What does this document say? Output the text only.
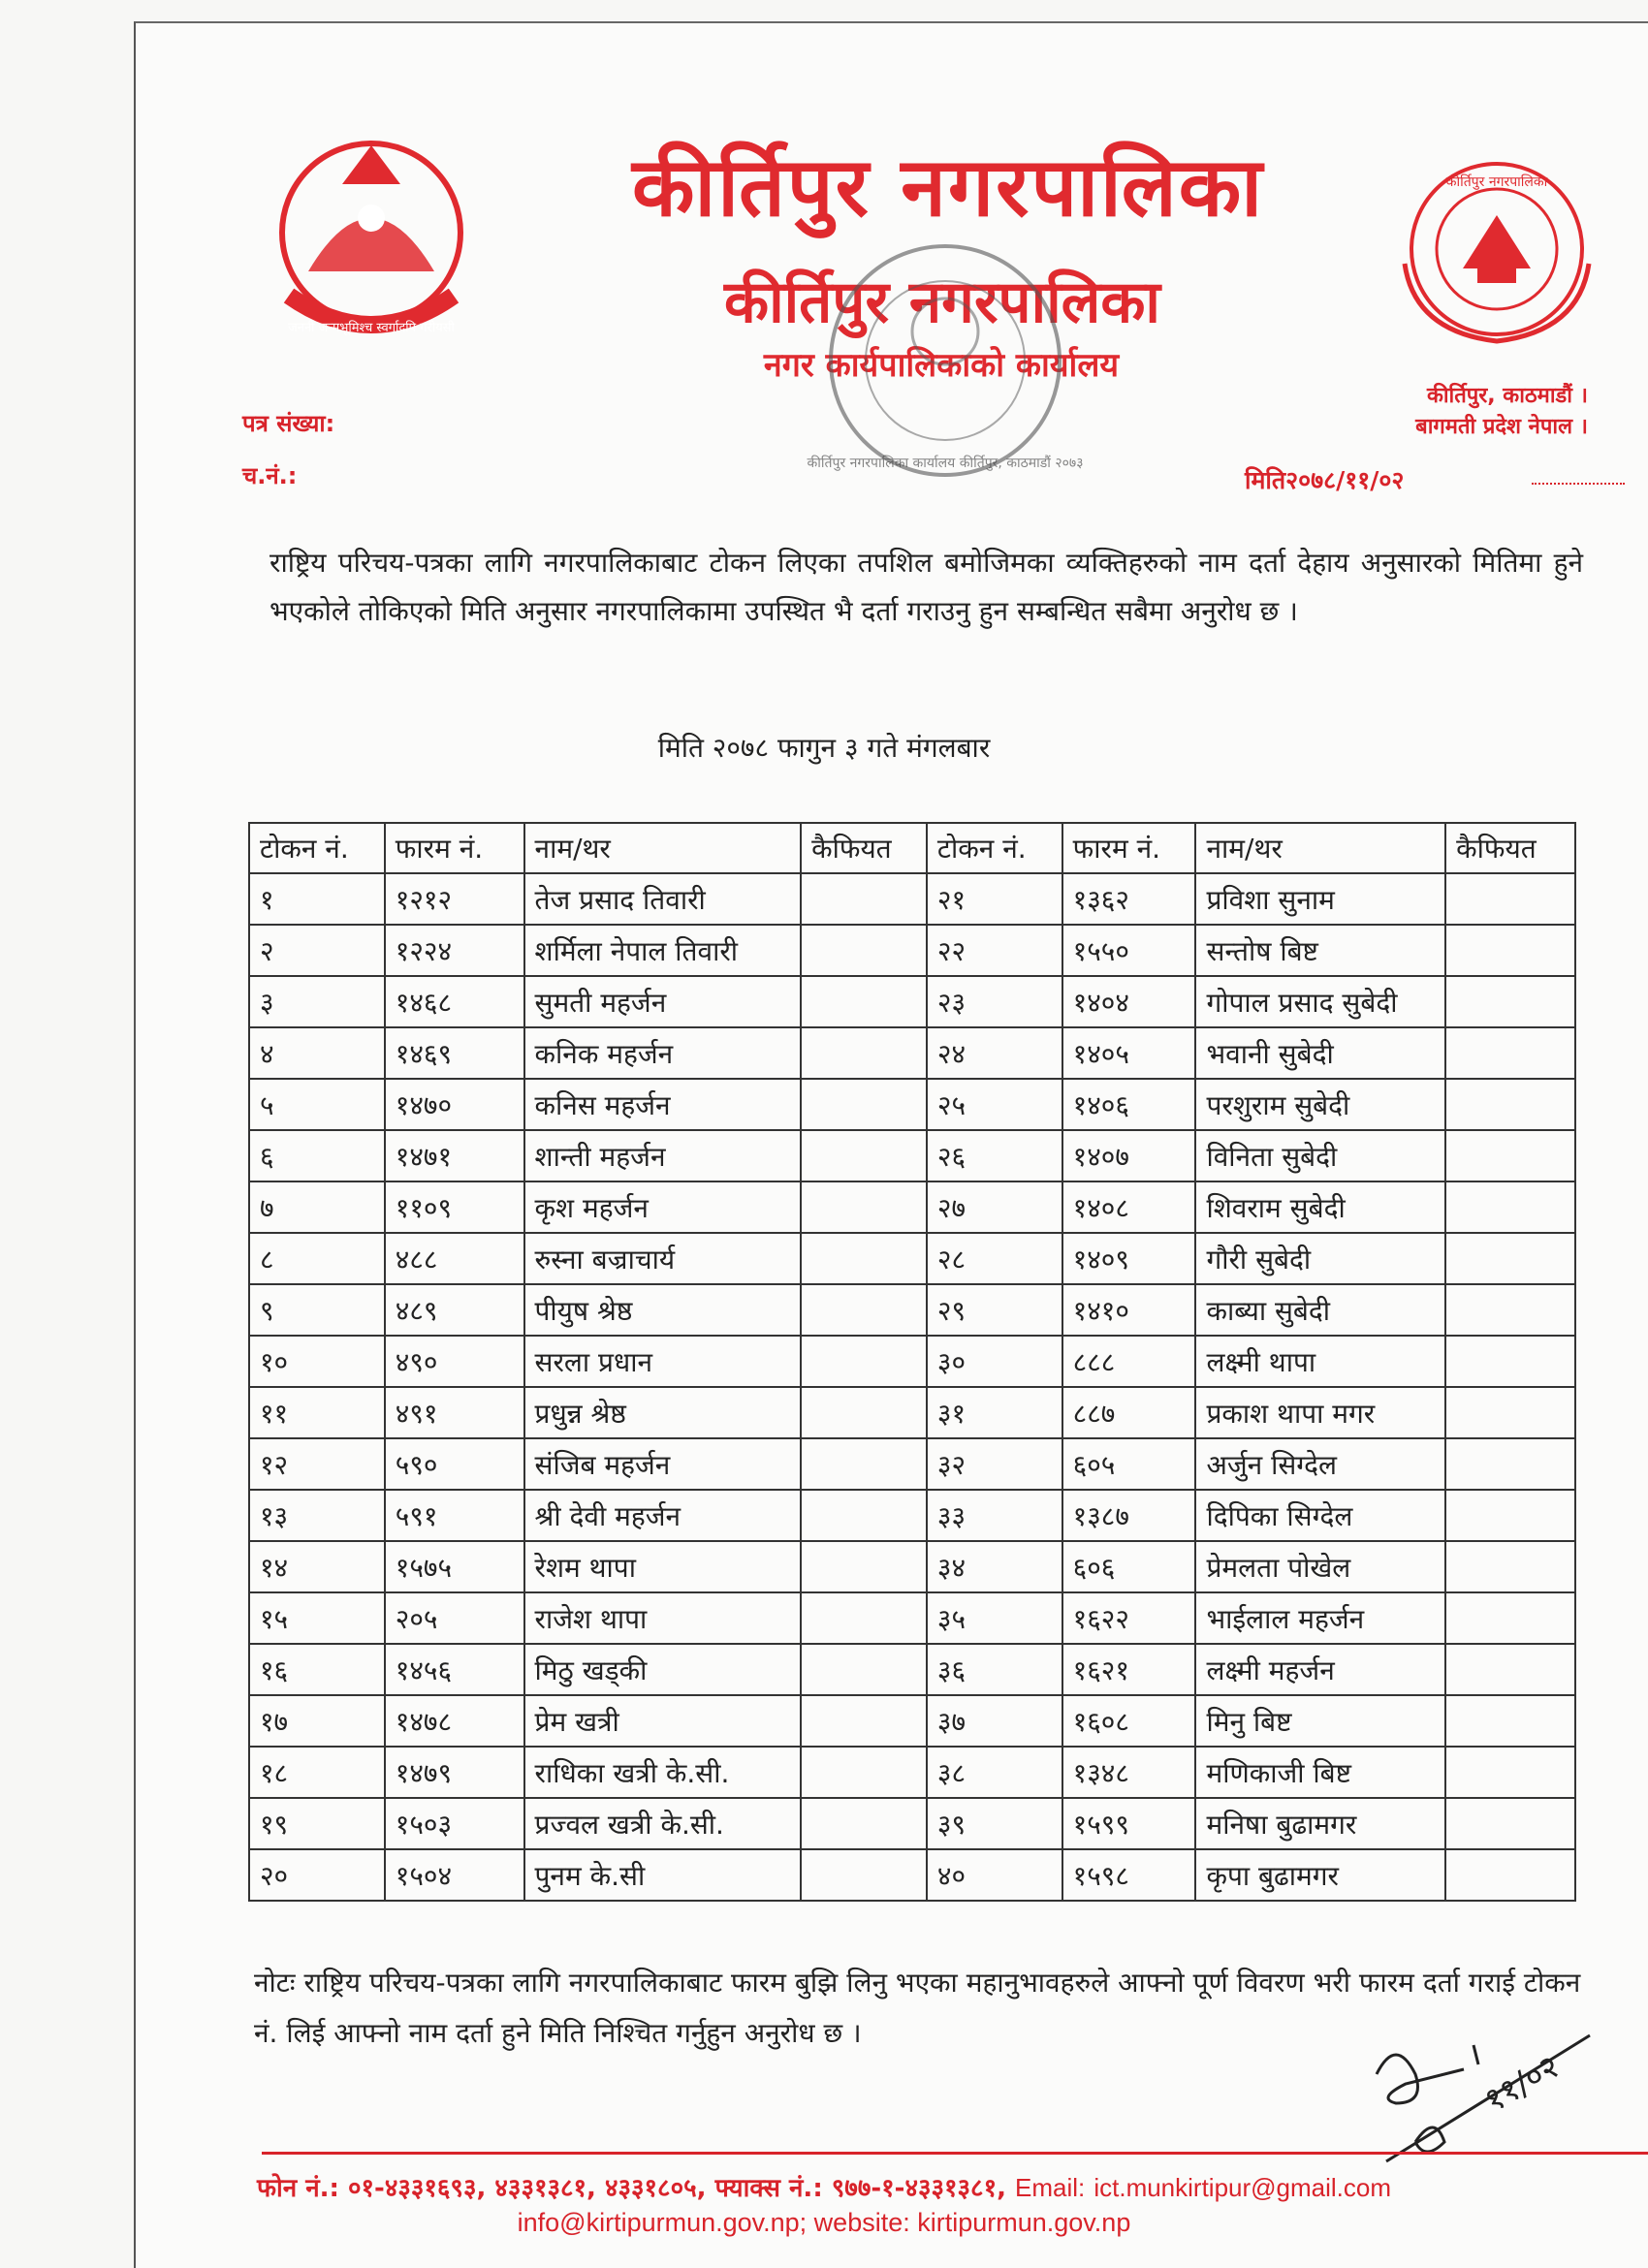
जननी जन्मभूमिश्च स्वर्गादपि गरीयसी
कीर्तिपुर नगरपालिका
कीर्तिपुर नगरपालिका
कीर्तिपुर नगरपालिका
नगर कार्यपालिकाको कार्यालय
कीर्तिपुर नगरपालिका कार्यालय कीर्तिपुर, काठमाडौं २०७३
कीर्तिपुर, काठमाडौं ।
बागमती प्रदेश नेपाल ।
पत्र संख्या:
च.नं.:	मिति२०७८/११/०२
राष्ट्रिय परिचय-पत्रका लागि नगरपालिकाबाट टोकन लिएका तपशिल बमोजिमका व्यक्तिहरुको नाम दर्ता देहाय अनुसारको मितिमा हुने भएकोले तोकिएको मिति अनुसार नगरपालिकामा उपस्थित भै दर्ता गराउनु हुन सम्बन्धित सबैमा अनुरोध छ ।
मिति २०७८ फागुन ३ गते मंगलबार
टोकन नं.	फारम नं.	नाम/थर	कैफियत	टोकन नं.	फारम नं.	नाम/थर	कैफियत
१	१२१२	तेज प्रसाद तिवारी		२१	१३६२	प्रविशा सुनाम	
२	१२२४	शर्मिला नेपाल तिवारी		२२	१५५०	सन्तोष बिष्ट	
३	१४६८	सुमती महर्जन		२३	१४०४	गोपाल प्रसाद सुबेदी	
४	१४६९	कनिक महर्जन		२४	१४०५	भवानी सुबेदी	
५	१४७०	कनिस महर्जन		२५	१४०६	परशुराम सुबेदी	
६	१४७१	शान्ती महर्जन		२६	१४०७	विनिता सुबेदी	
७	११०९	कृश महर्जन		२७	१४०८	शिवराम सुबेदी	
८	४८८	रुस्ना बज्राचार्य		२८	१४०९	गौरी सुबेदी	
९	४८९	पीयुष श्रेष्ठ		२९	१४१०	काब्या सुबेदी	
१०	४९०	सरला प्रधान		३०	८८८	लक्ष्मी थापा	
११	४९१	प्रधुन्न श्रेष्ठ		३१	८८७	प्रकाश थापा मगर	
१२	५९०	संजिब महर्जन		३२	६०५	अर्जुन सिग्देल	
१३	५९१	श्री देवी महर्जन		३३	१३८७	दिपिका सिग्देल	
१४	१५७५	रेशम थापा		३४	६०६	प्रेमलता पोखेल	
१५	२०५	राजेश थापा		३५	१६२२	भाईलाल महर्जन	
१६	१४५६	मिठु खड्की		३६	१६२१	लक्ष्मी महर्जन	
१७	१४७८	प्रेम खत्री		३७	१६०८	मिनु बिष्ट	
१८	१४७९	राधिका खत्री के.सी.		३८	१३४८	मणिकाजी बिष्ट	
१९	१५०३	प्रज्वल खत्री के.सी.		३९	१५९९	मनिषा बुढामगर	
२०	१५०४	पुनम के.सी		४०	१५९८	कृपा बुढामगर	
नोटः राष्ट्रिय परिचय-पत्रका लागि नगरपालिकाबाट फारम बुझि लिनु भएका महानुभावहरुले आफ्नो पूर्ण विवरण भरी फारम दर्ता गराई टोकन नं. लिई आफ्नो नाम दर्ता हुने मिति निश्चित गर्नुहुन अनुरोध छ ।
११/०२
फोन नं.: ०१-४३३१६९३, ४३३१३८१, ४३३१८०५, फ्याक्स नं.: ९७७-१-४३३१३८१, Email: ict.munkirtipur@gmail.com
info@kirtipurmun.gov.np; website: kirtipurmun.gov.np
